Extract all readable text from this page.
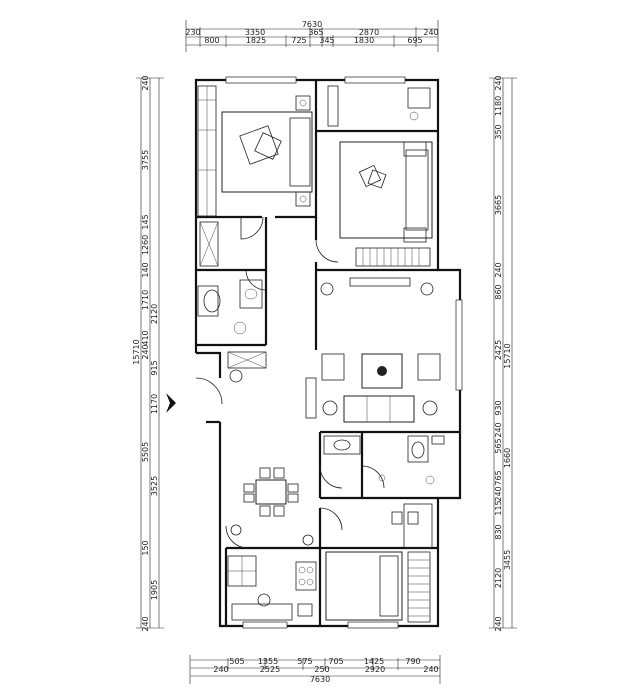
7630
230	3350	365	2870	240
800	1825	725 345 1830	695
505 1355 575 705	1425	790
240	2525	250	2920	240
7630
240
3755
145
1260
140
1710
2120
410
240
915
1170
5505
3525
150
1905
240
15710
240
1180
350
3665
240
860
2425
930
240
1660
565
765
240
115
830
3455
2120
240
15710
